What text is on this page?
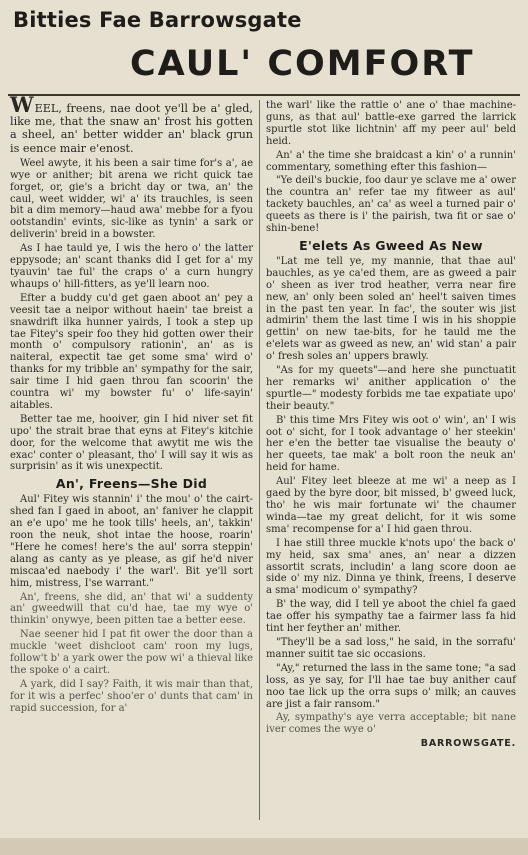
Bitties Fae Barrowsgate
CAUL' COMFORT

WEEL, freens, nae doot ye'll be a' gled, like me, that the snaw an' frost his gotten a sheel, an' better widder an' black grun is eence mair e'enost.

Weel awyte, it his been a sair time for's a', ae wye or anither; bit arena we richt quick tae forget, or, gie's a bricht day or twa, an' the caul, weet widder, wi' a' its trauchles, is seen bit a dim memory—haud awa' mebbe for a fyou ootstandin' evints, sic-like as tynin' a sark or deliverin' breid in a bowster.

As I hae tauld ye, I wis the hero o' the latter eppysode; an' scant thanks did I get for a' my tyauvin' tae ful' the craps o' a curn hungry whaups o' hill-fitters, as ye'll learn noo.

Efter a buddy cu'd get gaen aboot an' pey a veesit tae a neipor without haein' tae breist a snawdrift ilka hunner yairds, I took a step up tae Fitey's speir foo they hid gotten ower their month o' compulsory rationin', an' as is naiteral, expectit tae get some sma' wird o' thanks for my tribble an' sympathy for the sair, sair time I hid gaen throu fan scoorin' the countra wi' my bowster fu' o' life-sayin' aitables.

Better tae me, hooiver, gin I hid niver set fit upo' the strait brae that eyns at Fitey's kitchie door, for the welcome that awytit me wis the exac' conter o' pleasant, tho' I will say it wis as surprisin' as it wis unexpectit.

An', Freens—She Did

Aul' Fitey wis stannin' i' the mou' o' the cairt-shed fan I gaed in aboot, an' faniver he clappit an e'e upo' me he took tills' heels, an', takkin' roon the neuk, shot intae the hoose, roarin' "Here he comes! here's the aul' sorra steppin' alang as canty as ye please, as gif he'd niver miscaa'ed naebody i' the warl'. Bit ye'll sort him, mistress, I'se warrant."

An', freens, she did, an' that wi' a suddenty an' gweedwill that cu'd hae, tae my wye o' thinkin' onywye, been pitten tae a better eese.

Nae seener hid I pat fit ower the door than a muckle 'weet dishcloot cam' roon my lugs, follow't b' a yark ower the pow wi' a thieval like the spoke o' a cairt.

A yark, did I say? Faith, it wis mair than that, for it wis a perfec' shoo'er o' dunts that cam' in rapid succession, for a'

the warl' like the rattle o' ane o' thae machine-guns, as that aul' battle-exe garred the larrick spurtle stot like lichtnin' aff my peer aul' beld heid.

An' a' the time she braidcast a kin' o' a runnin' commentary, something efter this fashion—

"Ye deil's buckie, foo daur ye sclave me a' ower the countra an' refer tae my fitweer as aul' tackety bauchles, an' ca' as weel a turned pair o' queets as there is i' the pairish, twa fit or sae o' shin-bene!

E'elets As Gweed As New

"Lat me tell ye, my mannie, that thae aul' bauchles, as ye ca'ed them, are as gweed a pair o' sheen as iver trod heather, verra near fire new, an' only been soled an' heel't saiven times in the past ten year. In fac', the souter wis jist admirin' them the last time I wis in his shoppie gettin' on new tae-bits, for he tauld me the e'elets war as gweed as new, an' wid stan' a pair o' fresh soles an' uppers brawly.

"As for my queets"—and here she punctuatit her remarks wi' anither application o' the spurtle—" modesty forbids me tae expatiate upo' their beauty."

B' this time Mrs Fitey wis oot o' win', an' I wis oot o' sicht, for I took advantage o' her steekin' her e'en the better tae visualise the beauty o' her queets, tae mak' a bolt roon the neuk an' heid for hame.

Aul' Fitey leet bleeze at me wi' a neep as I gaed by the byre door, bit missed, b' gweed luck, tho' he wis mair fortunate wi' the chaumer winda—tae my great delicht, for it wis some sma' recompense for a' I hid gaen throu.

I hae still three muckle k'nots upo' the back o' my heid, sax sma' anes, an' near a dizzen assortit scrats, includin' a lang score doon ae side o' my niz. Dinna ye think, freens, I deserve a sma' modicum o' sympathy?

B' the way, did I tell ye aboot the chiel fa gaed tae offer his sympathy tae a fairmer lass fa hid tint her feyther an' mither.

"They'll be a sad loss," he said, in the sorrafu' manner suitit tae sic occasions.

"Ay," returned the lass in the same tone; "a sad loss, as ye say, for I'll hae tae buy anither cauf noo tae lick up the orra sups o' milk; an cauves are jist a fair ransom."

Ay, sympathy's aye verra acceptable; bit nane iver comes the wye o'

BARROWSGATE.
